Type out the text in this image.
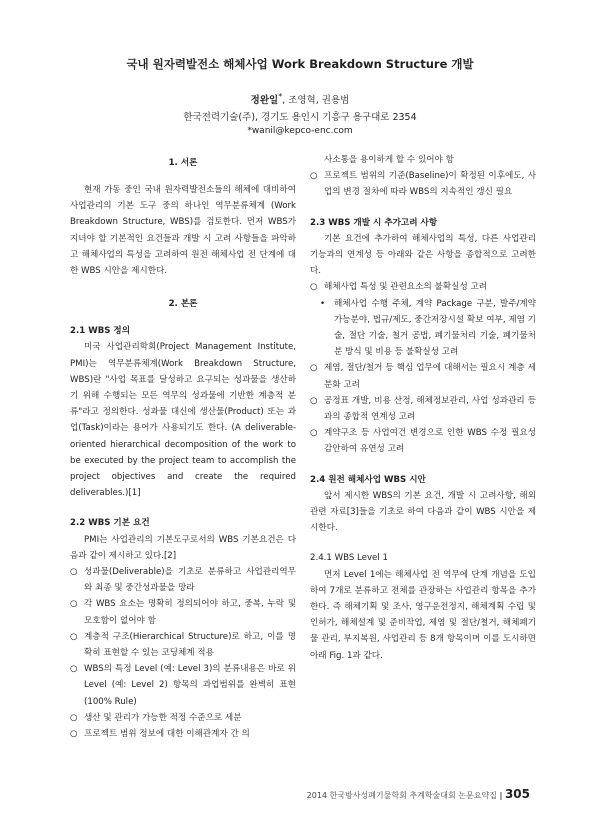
국내 원자력발전소 해체사업 Work Breakdown Structure 개발
정완일*, 조영혁, 권용범
한국전력기술(주), 경기도 용인시 기흥구 용구대로 2354
*wanil@kepco-enc.com
1. 서론

현재 가동 중인 국내 원자력발전소들의 해체에 대비하여 사업관리의 기본 도구 중의 하나인 역무분류체계 (Work Breakdown Structure, WBS)를 검토한다. 먼저 WBS가 지녀야 할 기본적인 요건들과 개발 시 고려 사항들을 파악하고 해체사업의 특성을 고려하여 원전 해체사업 전 단계에 대한 WBS 시안을 제시한다.

2. 본론
2.1 WBS 정의

미국 사업관리학회(Project Management Institute, PMI)는 역무분류체계(Work Breakdown Structure, WBS)란 "사업 목표를 달성하고 요구되는 성과물을 생산하기 위해 수행되는 모든 역무의 성과물에 기반한 계층적 분류"라고 정의한다. 성과물 대신에 생산물(Product) 또는 과업(Task)이라는 용어가 사용되기도 한다. (A deliverable-oriented hierarchical decomposition of the work to be executed by the project team to accomplish the project objectives and create the required deliverables.)[1]

2.2 WBS 기본 요건

PMI는 사업관리의 기본도구로서의 WBS 기본요건은 다음과 같이 제시하고 있다.[2]

○ 성과물(Deliverable)을 기초로 분류하고 사업관리역무와 최종 및 중간성과물을 망라
○ 각 WBS 요소는 명확히 정의되어야 하고, 중복, 누락 및 모호함이 없어야 함
○ 계층적 구조(Hierarchical Structure)로 하고, 이를 명확히 표현할 수 있는 코딩체계 적용
○ WBS의 특정 Level (예: Level 3)의 분류내용은 바로 위 Level (예: Level 2) 항목의 과업범위를 완벽히 표현 (100% Rule)
○ 생산 및 관리가 가능한 적정 수준으로 세분
○ 프로젝트 범위 정보에 대한 이해관계자 간 의

사소통을 용이하게 할 수 있어야 함

○ 프로젝트 범위의 기준(Baseline)이 확정된 이후에도, 사업의 변경 절차에 따라 WBS의 지속적인 갱신 필요
2.3 WBS 개발 시 추가고려 사항

기본 요건에 추가하여 해체사업의 특성, 다른 사업관리 기능과의 연계성 등 아래와 같은 사항을 종합적으로 고려한다.

○ 해체사업 특성 및 관련요소의 불확실성 고려
• 해체사업 수행 주체, 계약 Package 구분, 발주/계약 가능분야, 법규/제도, 중간저장시설 확보 여부, 제염 기술, 절단 기술, 철거 공법, 폐기물처리 기술, 폐기물처분 방식 및 비용 등 불확실성 고려
○ 제염, 절단/철거 등 핵심 업무에 대해서는 필요시 계층 세분화 고려
○ 공정표 개발, 비용 산정, 해체정보관리, 사업 성과관리 등과의 종합적 연계성 고려
○ 계약구조 등 사업여건 변경으로 인한 WBS 수정 필요성 감안하여 유연성 고려
2.4 원전 해체사업 WBS 시안

앞서 제시한 WBS의 기본 요건, 개발 시 고려사항, 해외 관련 자료[3]들을 기초로 하여 다음과 같이 WBS 시안을 제시한다.

2.4.1 WBS Level 1

먼저 Level 1에는 해체사업 전 역무에 단계 개념을 도입하여 7개로 분류하고 전체를 관장하는 사업관리 항목을 추가한다. 즉 해체기획 및 조사, 영구운전정지, 해체계획 수립 및 인허가, 해체설계 및 준비작업, 제염 및 절단/철거, 해체폐기물 관리, 부지복원, 사업관리 등 8개 항목이며 이를 도시하면 아래 Fig. 1과 같다.

2014 한국방사성폐기물학회 추계학술대회 논문요약집 | 305
